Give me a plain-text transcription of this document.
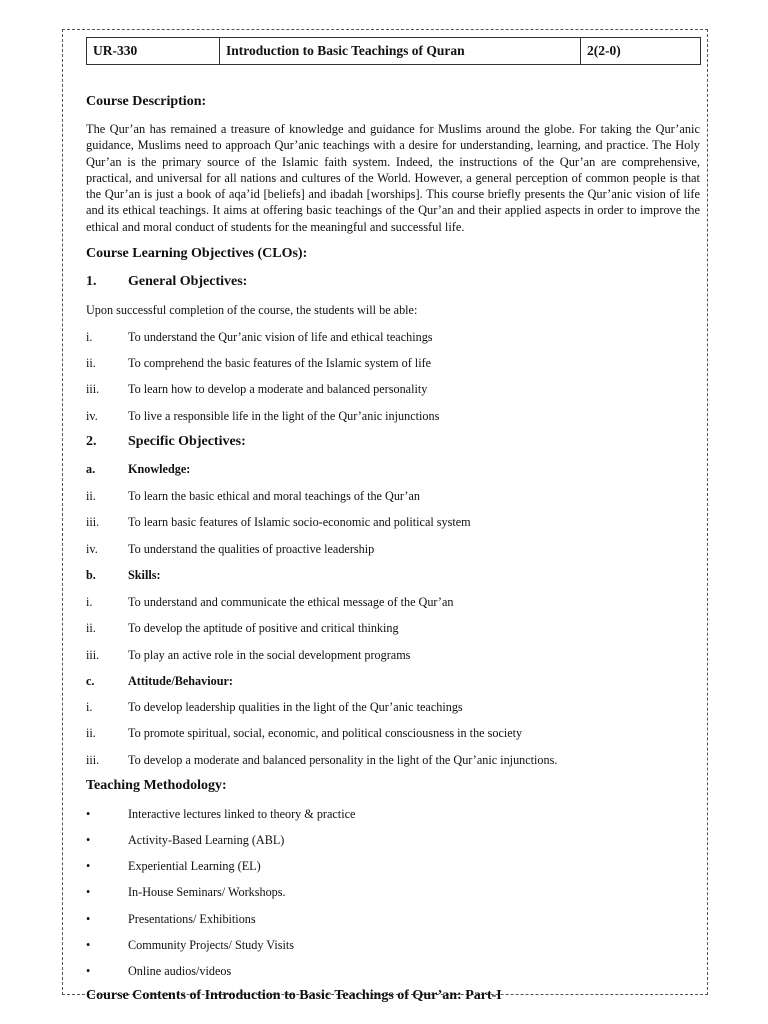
UR-330	Introduction to Basic Teachings of Quran	2(2-0)
Course Description:

The Qur’an has remained a treasure of knowledge and guidance for Muslims around the globe. For taking the Qur’anic guidance, Muslims need to approach Qur’anic teachings with a desire for understanding, learning, and practice. The Holy Qur’an is the primary source of the Islamic faith system. Indeed, the instructions of the Qur’an are comprehensive, practical, and universal for all nations and cultures of the World. However, a general perception of common people is that the Qur’an is just a book of aqa’id [beliefs] and ibadah [worships]. This course briefly presents the Qur’anic vision of life and its ethical teachings. It aims at offering basic teachings of the Qur’an and their applied aspects in order to improve the ethical and moral conduct of students for the meaningful and successful life.

Course Learning Objectives (CLOs):
1. General Objectives:
Upon successful completion of the course, the students will be able:
i.	To understand the Qur’anic vision of life and ethical teachings
ii.	To comprehend the basic features of the Islamic system of life
iii. To learn how to develop a moderate and balanced personality
iv. To live a responsible life in the light of the Qur’anic injunctions
2. Specific Objectives:
a.	Knowledge:
ii.	To learn the basic ethical and moral teachings of the Qur’an
iii. To learn basic features of Islamic socio-economic and political system
iv. To understand the qualities of proactive leadership
b.	Skills:
i.	To understand and communicate the ethical message of the Qur’an
ii.	To develop the aptitude of positive and critical thinking
iii. To play an active role in the social development programs
c.	Attitude/Behaviour:
i.	To develop leadership qualities in the light of the Qur’anic teachings
ii.	To promote spiritual, social, economic, and political consciousness in the society
iii. To develop a moderate and balanced personality in the light of the Qur’anic injunctions.
Teaching Methodology:
•	Interactive lectures linked to theory & practice
•	Activity-Based Learning (ABL)
•	Experiential Learning (EL)
•	In-House Seminars/ Workshops.
•	Presentations/ Exhibitions
•	Community Projects/ Study Visits
•	Online audios/videos
Course Contents of Introduction to Basic Teachings of Qur’an: Part-I
